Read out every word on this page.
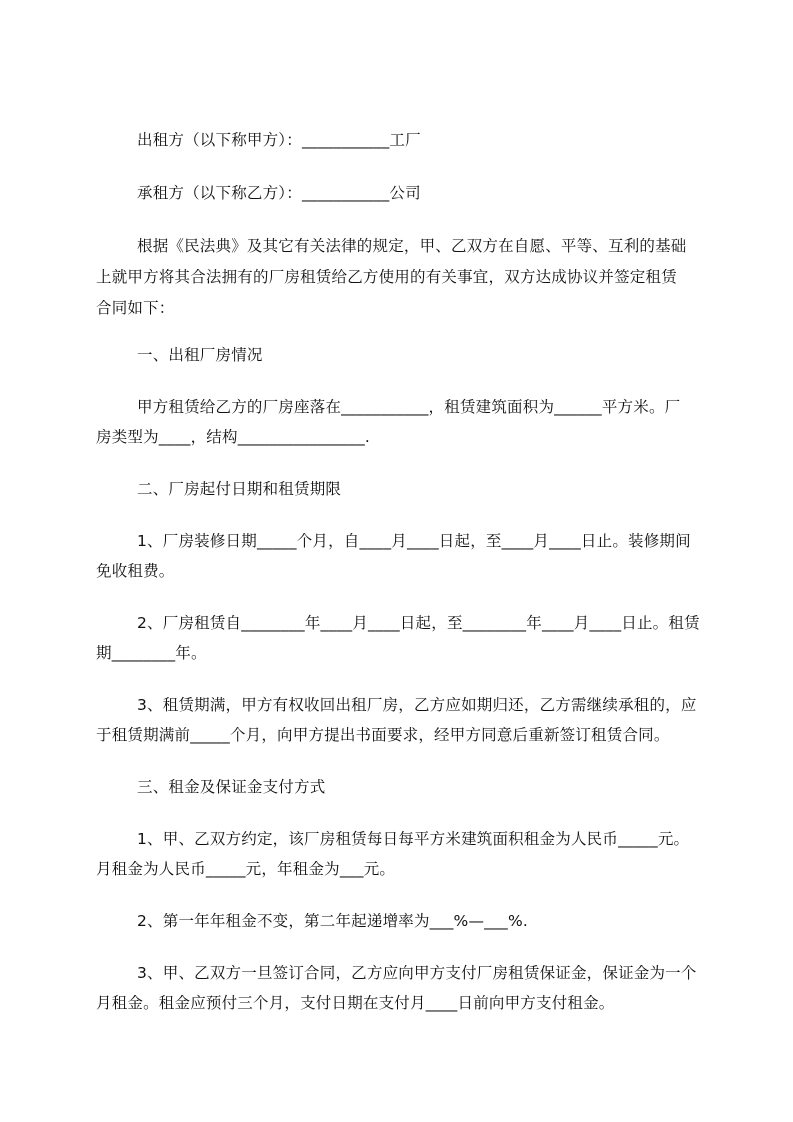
出租方（以下称甲方）：___________工厂
承租方（以下称乙方）：___________公司
根据《民法典》及其它有关法律的规定，甲、乙双方在自愿、平等、互利的基础
上就甲方将其合法拥有的厂房租赁给乙方使用的有关事宜，双方达成协议并签定租赁
合同如下：
一、出租厂房情况
甲方租赁给乙方的厂房座落在___________，租赁建筑面积为______平方米。厂
房类型为____，结构________________.
二、厂房起付日期和租赁期限
1、厂房装修日期_____个月，自____月____日起，至____月____日止。装修期间
免收租费。
2、厂房租赁自________年____月____日起，至________年____月____日止。租赁
期________年。
3、租赁期满，甲方有权收回出租厂房，乙方应如期归还，乙方需继续承租的，应
于租赁期满前_____个月，向甲方提出书面要求，经甲方同意后重新签订租赁合同。
三、租金及保证金支付方式
1、甲、乙双方约定，该厂房租赁每日每平方米建筑面积租金为人民币_____元。
月租金为人民币_____元，年租金为___元。
2、第一年年租金不变，第二年起递增率为___%—___%.
3、甲、乙双方一旦签订合同，乙方应向甲方支付厂房租赁保证金，保证金为一个
月租金。租金应预付三个月，支付日期在支付月____日前向甲方支付租金。
